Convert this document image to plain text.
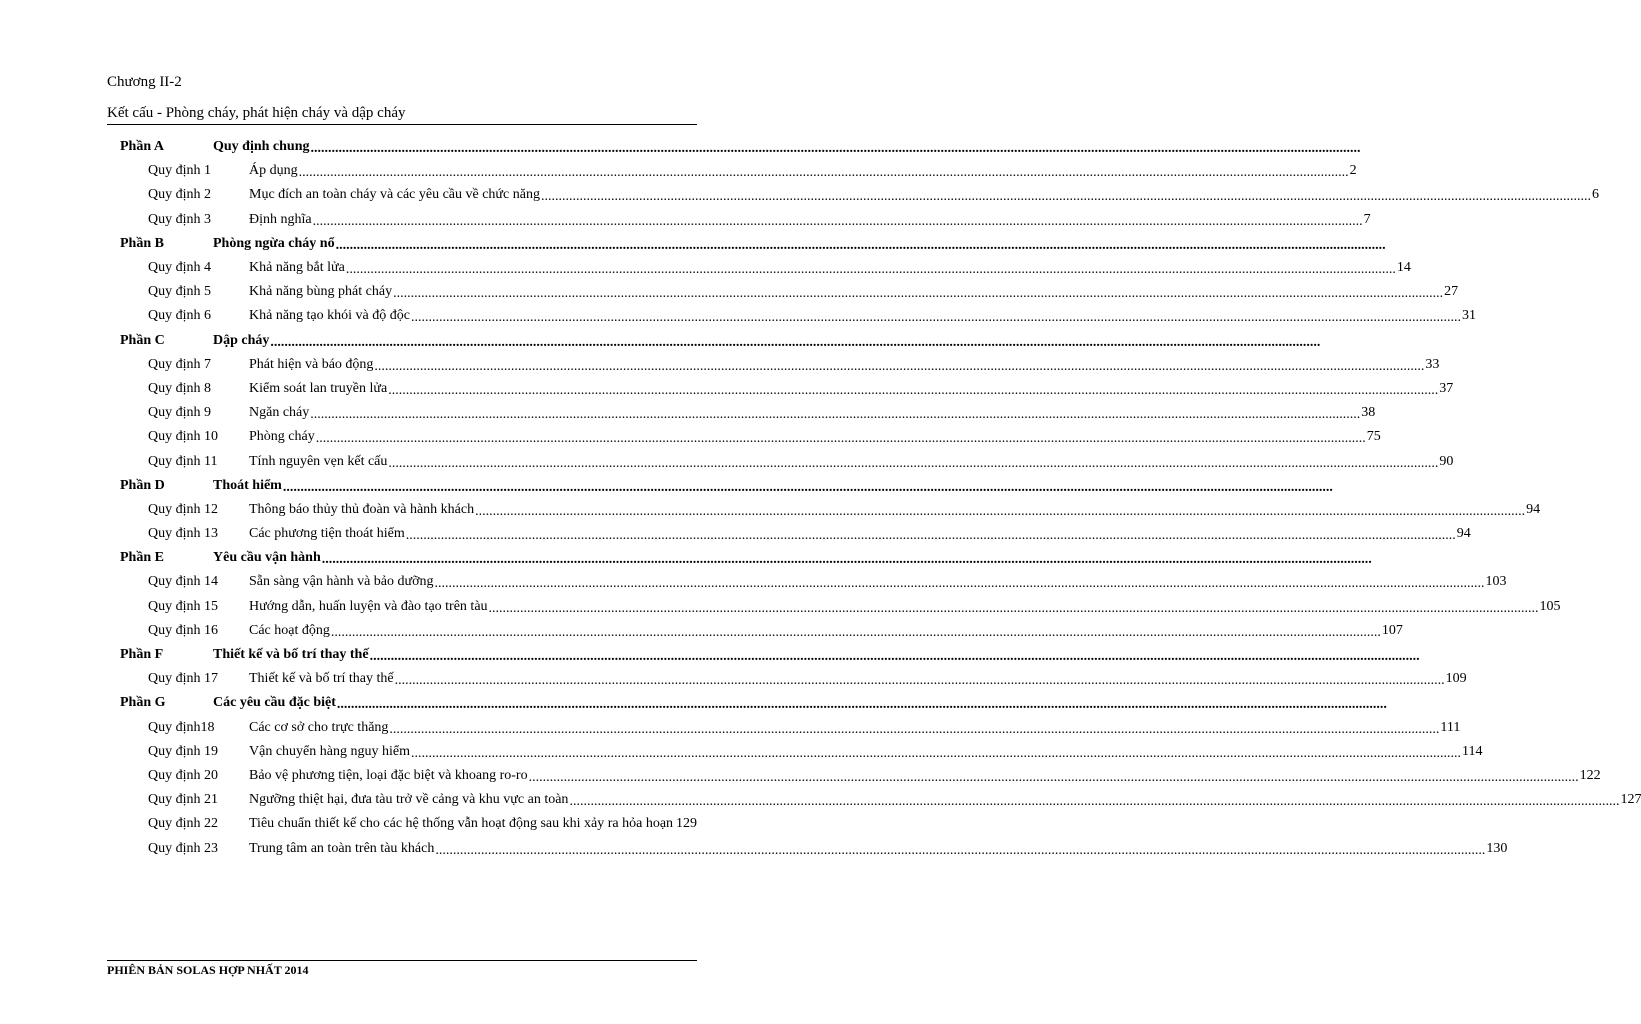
Chương II-2
Kết cấu - Phòng cháy, phát hiện cháy và dập cháy
Phần A	Quy định chung ............................................................................................................................................................................................................................................................................................................
Quy định 1	Áp dụng ............................................................................................................................................................................................................................................................................................................ 2
Quy định 2	Mục đích an toàn cháy và các yêu cầu về chức năng ............................................................................................................................................................................................................................................................................................................ 6
Quy định 3	Định nghĩa ............................................................................................................................................................................................................................................................................................................ 7
Phần B	Phòng ngừa cháy nổ ............................................................................................................................................................................................................................................................................................................
Quy định 4	Khả năng bắt lửa ............................................................................................................................................................................................................................................................................................................ 14
Quy định 5	Khả năng bùng phát cháy ............................................................................................................................................................................................................................................................................................................ 27
Quy định 6	Khả năng tạo khói và độ độc ............................................................................................................................................................................................................................................................................................................ 31
Phần C	Dập cháy ............................................................................................................................................................................................................................................................................................................
Quy định 7	Phát hiện và báo động ............................................................................................................................................................................................................................................................................................................ 33
Quy định 8	Kiểm soát lan truyền lửa ............................................................................................................................................................................................................................................................................................................ 37
Quy định 9	Ngăn cháy ............................................................................................................................................................................................................................................................................................................ 38
Quy định 10	Phòng cháy ............................................................................................................................................................................................................................................................................................................ 75
Quy định 11	Tính nguyên vẹn kết cấu ............................................................................................................................................................................................................................................................................................................ 90
Phần D	Thoát hiểm ............................................................................................................................................................................................................................................................................................................
Quy định 12	Thông báo thủy thủ đoàn và hành khách ............................................................................................................................................................................................................................................................................................................ 94
Quy định 13	Các phương tiện thoát hiểm ............................................................................................................................................................................................................................................................................................................ 94
Phần E	Yêu cầu vận hành ............................................................................................................................................................................................................................................................................................................
Quy định 14	Sẵn sàng vận hành và bảo dưỡng ............................................................................................................................................................................................................................................................................................................ 103
Quy định 15	Hướng dẫn, huấn luyện và đào tạo trên tàu ............................................................................................................................................................................................................................................................................................................ 105
Quy định 16	Các hoạt động ............................................................................................................................................................................................................................................................................................................ 107
Phần F	Thiết kế và bố trí thay thế ............................................................................................................................................................................................................................................................................................................
Quy định 17	Thiết kế và bố trí thay thế ............................................................................................................................................................................................................................................................................................................ 109
Phần G	Các yêu cầu đặc biệt ............................................................................................................................................................................................................................................................................................................
Quy định18	Các cơ sở cho trực thăng ............................................................................................................................................................................................................................................................................................................ 111
Quy định 19	Vận chuyển hàng nguy hiểm ............................................................................................................................................................................................................................................................................................................ 114
Quy định 20	Bảo vệ phương tiện, loại đặc biệt và khoang ro-ro ............................................................................................................................................................................................................................................................................................................ 122
Quy định 21	Ngưỡng thiệt hại, đưa tàu trở về cảng và khu vực an toàn ............................................................................................................................................................................................................................................................................................................ 127
Quy định 22	Tiêu chuẩn thiết kế cho các hệ thống vẫn hoạt động sau khi xảy ra hỏa hoạn 129
Quy định 23	Trung tâm an toàn trên tàu khách ............................................................................................................................................................................................................................................................................................................ 130
PHIÊN BẢN SOLAS HỢP NHẤT 2014
